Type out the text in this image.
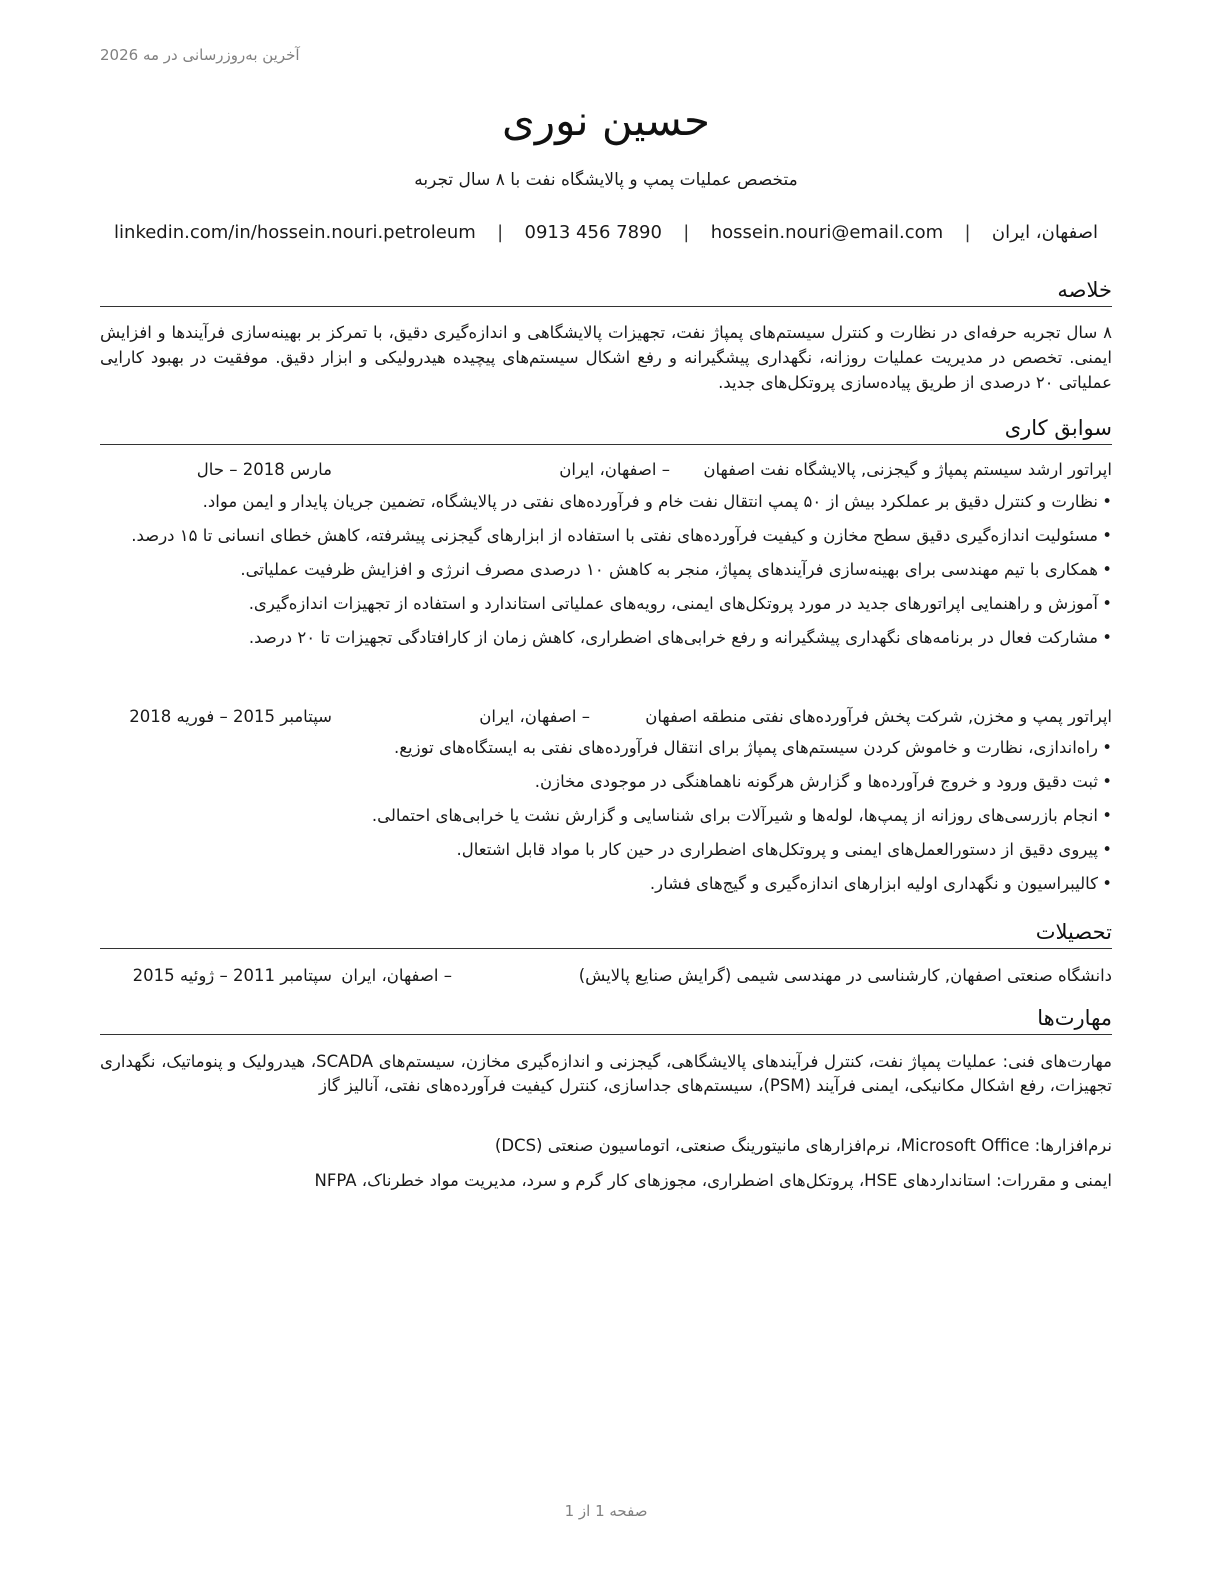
آخرین به‌روزرسانی در مه 2026
حسین نوری
متخصص عملیات پمپ و پالایشگاه نفت با ۸ سال تجربه
اصفهان، ایران
|
hossein.nouri@email.com
|
0913 456 7890
|
linkedin.com/in/hossein.nouri.petroleum
خلاصه
۸ سال تجربه حرفه‌ای در نظارت و کنترل سیستم‌های پمپاژ نفت، تجهیزات پالایشگاهی و اندازه‌گیری دقیق، با تمرکز بر بهینه‌سازی فرآیندها و افزایش ایمنی. تخصص در مدیریت عملیات روزانه، نگهداری پیشگیرانه و رفع اشکال سیستم‌های پیچیده هیدرولیکی و ابزار دقیق. موفقیت در بهبود کارایی عملیاتی ۲۰ درصدی از طریق پیاده‌سازی پروتکل‌های جدید.
سوابق کاری
اپراتور ارشد سیستم پمپاژ و گیجزنی, پالایشگاه نفت اصفهان
– اصفهان، ایران
مارس 2018 – حال
• نظارت و کنترل دقیق بر عملکرد بیش از ۵۰ پمپ انتقال نفت خام و فرآورده‌های نفتی در پالایشگاه، تضمین جریان پایدار و ایمن مواد.
• مسئولیت اندازه‌گیری دقیق سطح مخازن و کیفیت فرآورده‌های نفتی با استفاده از ابزارهای گیجزنی پیشرفته، کاهش خطای انسانی تا ۱۵ درصد.
• همکاری با تیم مهندسی برای بهینه‌سازی فرآیندهای پمپاژ، منجر به کاهش ۱۰ درصدی مصرف انرژی و افزایش ظرفیت عملیاتی.
• آموزش و راهنمایی اپراتورهای جدید در مورد پروتکل‌های ایمنی، رویه‌های عملیاتی استاندارد و استفاده از تجهیزات اندازه‌گیری.
• مشارکت فعال در برنامه‌های نگهداری پیشگیرانه و رفع خرابی‌های اضطراری، کاهش زمان از کارافتادگی تجهیزات تا ۲۰ درصد.
اپراتور پمپ و مخزن, شرکت پخش فرآورده‌های نفتی منطقه اصفهان
– اصفهان، ایران
سپتامبر 2015 – فوریه 2018
• راه‌اندازی، نظارت و خاموش کردن سیستم‌های پمپاژ برای انتقال فرآورده‌های نفتی به ایستگاه‌های توزیع.
• ثبت دقیق ورود و خروج فرآورده‌ها و گزارش هرگونه ناهماهنگی در موجودی مخازن.
• انجام بازرسی‌های روزانه از پمپ‌ها، لوله‌ها و شیرآلات برای شناسایی و گزارش نشت یا خرابی‌های احتمالی.
• پیروی دقیق از دستورالعمل‌های ایمنی و پروتکل‌های اضطراری در حین کار با مواد قابل اشتعال.
• کالیبراسیون و نگهداری اولیه ابزارهای اندازه‌گیری و گیج‌های فشار.
تحصیلات
دانشگاه صنعتی اصفهان, کارشناسی در مهندسی شیمی (گرایش صنایع پالایش)
– اصفهان، ایران
سپتامبر 2011 – ژوئیه 2015
مهارت‌ها
مهارت‌های فنی: عملیات پمپاژ نفت، کنترل فرآیندهای پالایشگاهی، گیجزنی و اندازه‌گیری مخازن، سیستم‌های SCADA، هیدرولیک و پنوماتیک، نگهداری تجهیزات، رفع اشکال مکانیکی، ایمنی فرآیند (PSM)، سیستم‌های جداسازی، کنترل کیفیت فرآورده‌های نفتی، آنالیز گاز
نرم‌افزارها: Microsoft Office، نرم‌افزارهای مانیتورینگ صنعتی، اتوماسیون صنعتی (DCS)
ایمنی و مقررات: استانداردهای HSE، پروتکل‌های اضطراری، مجوزهای کار گرم و سرد، مدیریت مواد خطرناک، NFPA
صفحه 1 از 1
